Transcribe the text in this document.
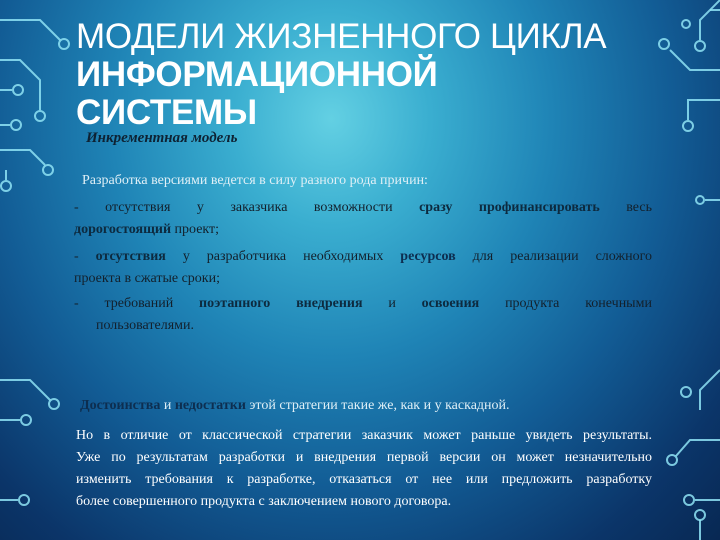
МОДЕЛИ ЖИЗНЕННОГО ЦИКЛА
ИНФОРМАЦИОННОЙ
СИСТЕМЫ

Инкрементная модель

Разработка версиями ведется в силу разного рода причин:

- отсутствия у заказчика возможности сразу профинансировать весь
дорогостоящий проект;
- отсутствия у разработчика необходимых ресурсов для реализации сложного
проекта в сжатые сроки;
- требований поэтапного внедрения и освоения продукта конечными
пользователями.

Достоинства и недостатки этой стратегии такие же, как и у каскадной.

Но в отличие от классической стратегии заказчик может раньше увидеть результаты.
Уже по результатам разработки и внедрения первой версии он может незначительно
изменить требования к разработке, отказаться от нее или предложить разработку
более совершенного продукта с заключением нового договора.
